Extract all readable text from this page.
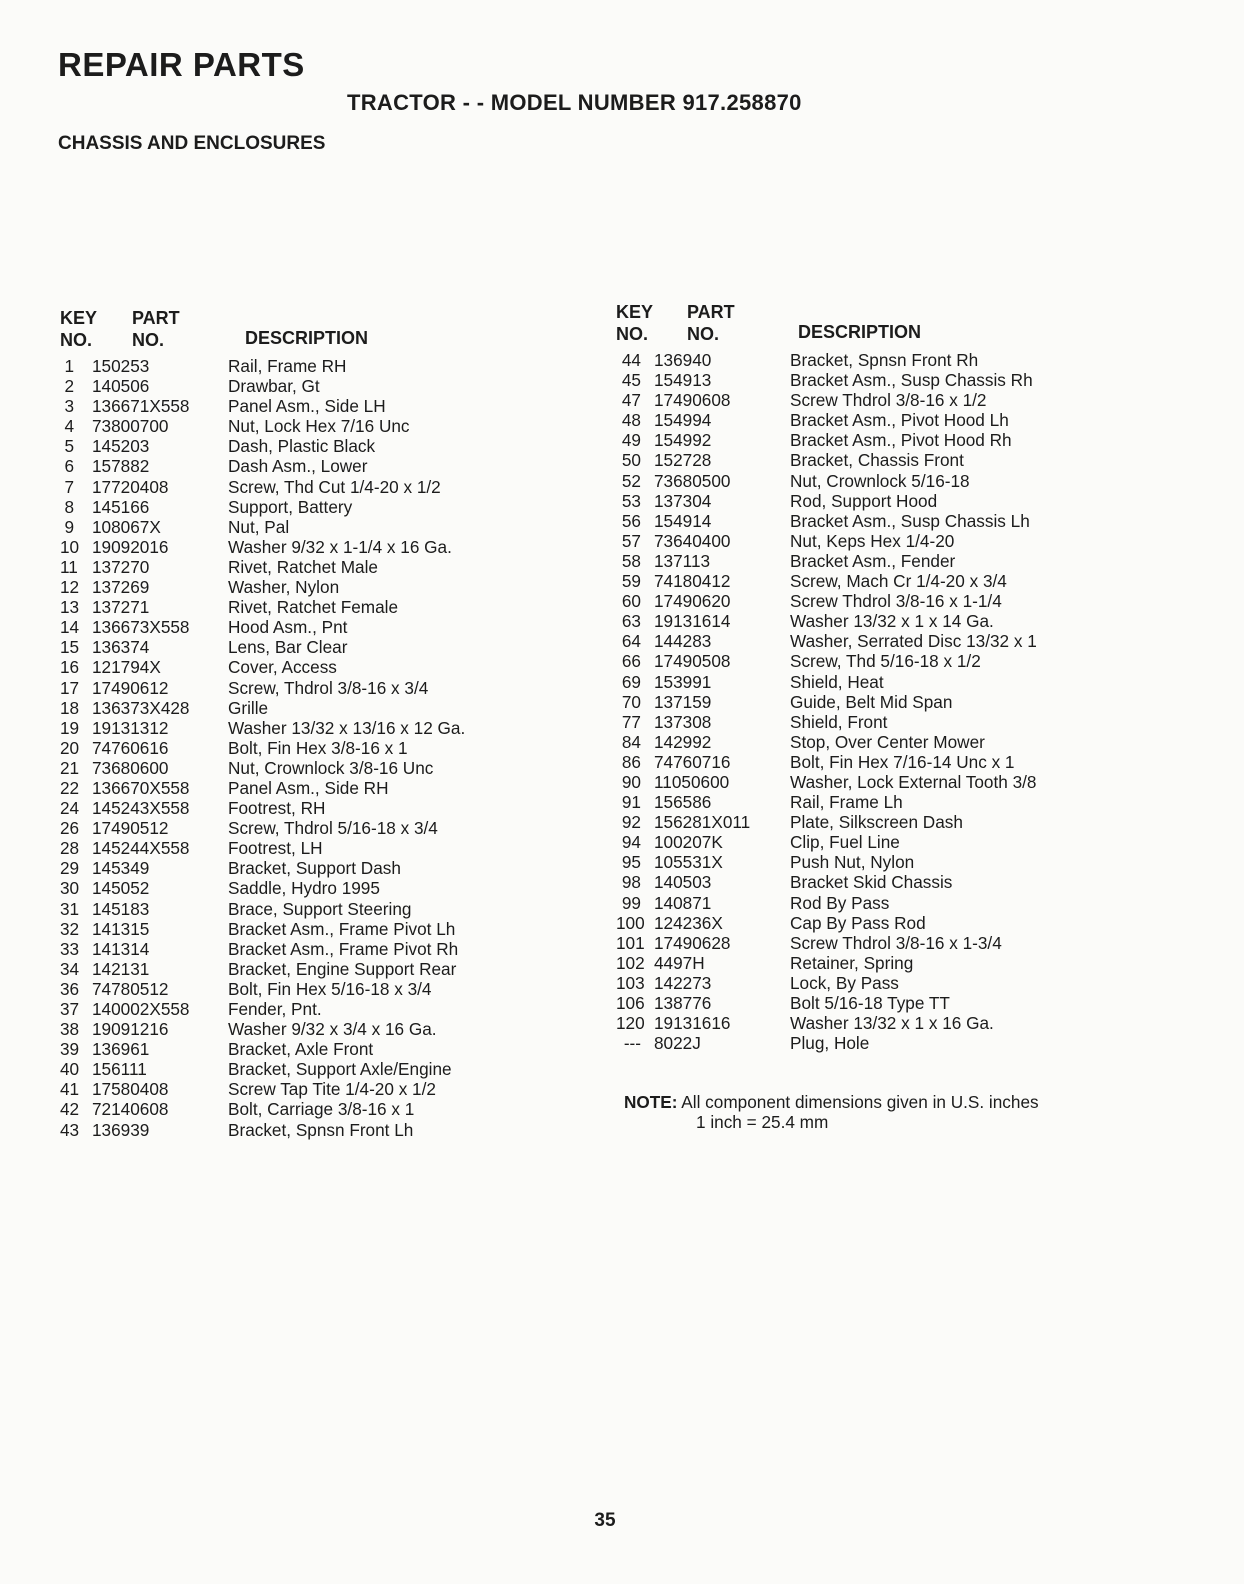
REPAIR PARTS
TRACTOR - - MODEL NUMBER 917.258870
CHASSIS AND ENCLOSURES
KEY
NO.
PART
NO.	DESCRIPTION
1	150253	Rail, Frame RH
2	140506	Drawbar, Gt
3	136671X558	Panel Asm., Side LH
4	73800700	Nut, Lock Hex 7/16 Unc
5	145203	Dash, Plastic Black
6	157882	Dash Asm., Lower
7	17720408	Screw, Thd Cut 1/4-20 x 1/2
8	145166	Support, Battery
9	108067X	Nut, Pal
10 19092016	Washer 9/32 x 1-1/4 x 16 Ga.
11 137270	Rivet, Ratchet Male
12 137269	Washer, Nylon
13 137271	Rivet, Ratchet Female
14 136673X558	Hood Asm., Pnt
15 136374	Lens, Bar Clear
16 121794X	Cover, Access
17 17490612	Screw, Thdrol 3/8-16 x 3/4
18 136373X428	Grille
19 19131312	Washer 13/32 x 13/16 x 12 Ga.
20 74760616	Bolt, Fin Hex 3/8-16 x 1
21 73680600	Nut, Crownlock 3/8-16 Unc
22 136670X558	Panel Asm., Side RH
24 145243X558	Footrest, RH
26 17490512	Screw, Thdrol 5/16-18 x 3/4
28 145244X558	Footrest, LH
29 145349	Bracket, Support Dash
30 145052	Saddle, Hydro 1995
31 145183	Brace, Support Steering
32 141315	Bracket Asm., Frame Pivot Lh
33 141314	Bracket Asm., Frame Pivot Rh
34 142131	Bracket, Engine Support Rear
36 74780512	Bolt, Fin Hex 5/16-18 x 3/4
37 140002X558	Fender, Pnt.
38 19091216	Washer 9/32 x 3/4 x 16 Ga.
39 136961	Bracket, Axle Front
40 156111	Bracket, Support Axle/Engine
41 17580408	Screw Tap Tite 1/4-20 x 1/2
42 72140608	Bolt, Carriage 3/8-16 x 1
43 136939	Bracket, Spnsn Front Lh
KEY
NO.
PART
NO.	DESCRIPTION
44 136940	Bracket, Spnsn Front Rh
45 154913	Bracket Asm., Susp Chassis Rh
47 17490608	Screw Thdrol 3/8-16 x 1/2
48 154994	Bracket Asm., Pivot Hood Lh
49 154992	Bracket Asm., Pivot Hood Rh
50 152728	Bracket, Chassis Front
52 73680500	Nut, Crownlock 5/16-18
53 137304	Rod, Support Hood
56 154914	Bracket Asm., Susp Chassis Lh
57 73640400	Nut, Keps Hex 1/4-20
58 137113	Bracket Asm., Fender
59 74180412	Screw, Mach Cr 1/4-20 x 3/4
60 17490620	Screw Thdrol 3/8-16 x 1-1/4
63 19131614	Washer 13/32 x 1 x 14 Ga.
64 144283	Washer, Serrated Disc 13/32 x 1
66 17490508	Screw, Thd 5/16-18 x 1/2
69 153991	Shield, Heat
70 137159	Guide, Belt Mid Span
77 137308	Shield, Front
84 142992	Stop, Over Center Mower
86 74760716	Bolt, Fin Hex 7/16-14 Unc x 1
90 11050600	Washer, Lock External Tooth 3/8
91 156586	Rail, Frame Lh
92 156281X011	Plate, Silkscreen Dash
94 100207K	Clip, Fuel Line
95 105531X	Push Nut, Nylon
98 140503	Bracket Skid Chassis
99 140871	Rod By Pass
100 124236X	Cap By Pass Rod
101 17490628	Screw Thdrol 3/8-16 x 1-3/4
102 4497H	Retainer, Spring
103 142273	Lock, By Pass
106 138776	Bolt 5/16-18 Type TT
120 19131616	Washer 13/32 x 1 x 16 Ga.
--- 8022J	Plug, Hole
NOTE: All component dimensions given in U.S. inches
1 inch = 25.4 mm
35
